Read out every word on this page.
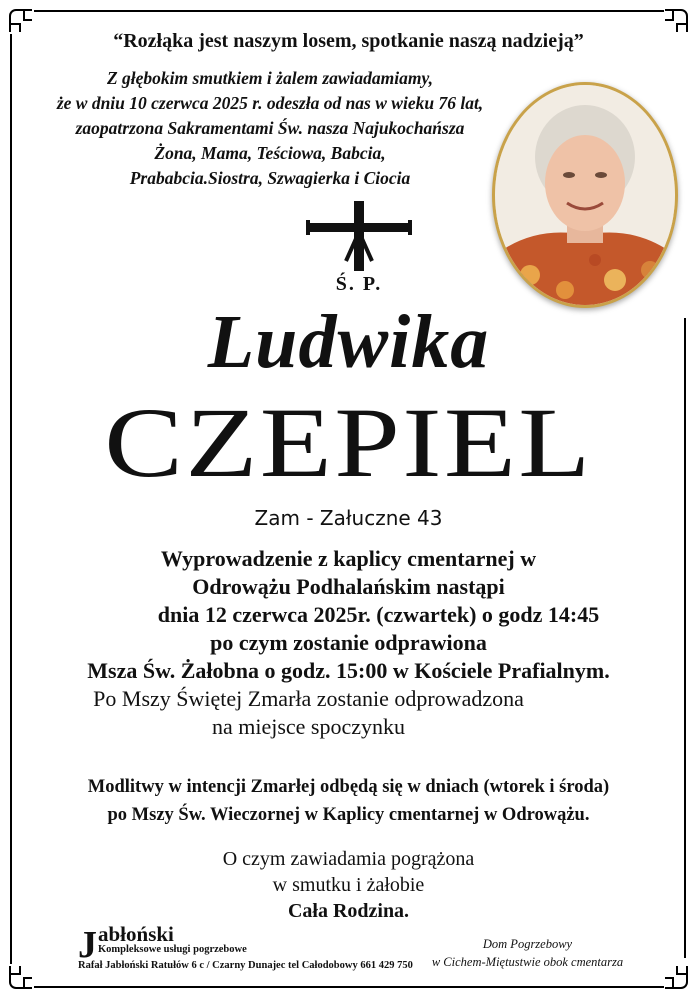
“Rozłąka jest naszym losem, spotkanie naszą nadzieją”
Z głębokim smutkiem i żalem zawiadamiamy,
że w dniu 10 czerwca 2025 r. odeszła od nas w wieku 76 lat,
zaopatrzona Sakramentami Św. nasza Najukochańsza
Żona, Mama, Teściowa, Babcia,
Prababcia.Siostra, Szwagierka i Ciocia
Ś. P.
Ludwika
CZEPIEL
Zam - Załuczne 43
Wyprowadzenie z kaplicy cmentarnej w
Odrowążu Podhalańskim nastąpi
dnia 12 czerwca 2025r. (czwartek) o godz 14:45
po czym zostanie odprawiona
Msza Św. Żałobna o godz. 15:00 w Kościele Prafialnym.
Po Mszy Świętej Zmarła zostanie odprowadzona
na miejsce spoczynku
Modlitwy w intencji Zmarłej odbędą się w dniach (wtorek i środa)
po Mszy Św. Wieczornej w Kaplicy cmentarnej w Odrowążu.
O czym zawiadamia pogrążona
w smutku i żałobie
Cała Rodzina.
J abłoński
Kompleksowe usługi pogrzebowe
Rafał Jabłoński Ratułów 6 c / Czarny Dunajec tel Całodobowy 661 429 750
Dom Pogrzebowy
w Cichem-Miętustwie obok cmentarza
